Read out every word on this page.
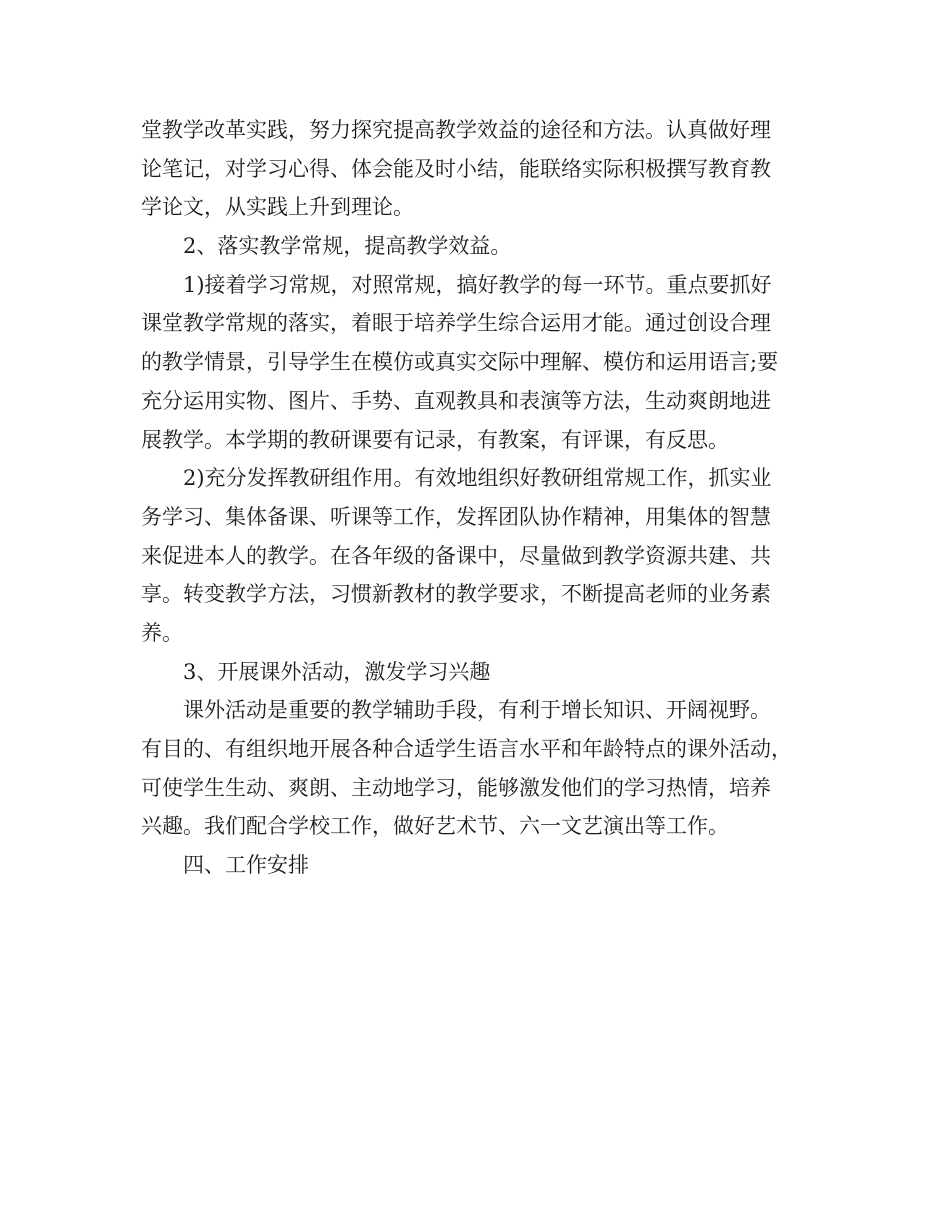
堂教学改革实践，努力探究提高教学效益的途径和方法。认真做好理
论笔记，对学习心得、体会能及时小结，能联络实际积极撰写教育教
学论文，从实践上升到理论。
2、落实教学常规，提高教学效益。
1)接着学习常规，对照常规，搞好教学的每一环节。重点要抓好
课堂教学常规的落实，着眼于培养学生综合运用才能。通过创设合理
的教学情景，引导学生在模仿或真实交际中理解、模仿和运用语言;要
充分运用实物、图片、手势、直观教具和表演等方法，生动爽朗地进
展教学。本学期的教研课要有记录，有教案，有评课，有反思。
2)充分发挥教研组作用。有效地组织好教研组常规工作，抓实业
务学习、集体备课、听课等工作，发挥团队协作精神，用集体的智慧
来促进本人的教学。在各年级的备课中，尽量做到教学资源共建、共
享。转变教学方法，习惯新教材的教学要求，不断提高老师的业务素
养。
3、开展课外活动，激发学习兴趣
课外活动是重要的教学辅助手段，有利于增长知识、开阔视野。
有目的、有组织地开展各种合适学生语言水平和年龄特点的课外活动，
可使学生生动、爽朗、主动地学习，能够激发他们的学习热情，培养
兴趣。我们配合学校工作，做好艺术节、六一文艺演出等工作。
四、工作安排
